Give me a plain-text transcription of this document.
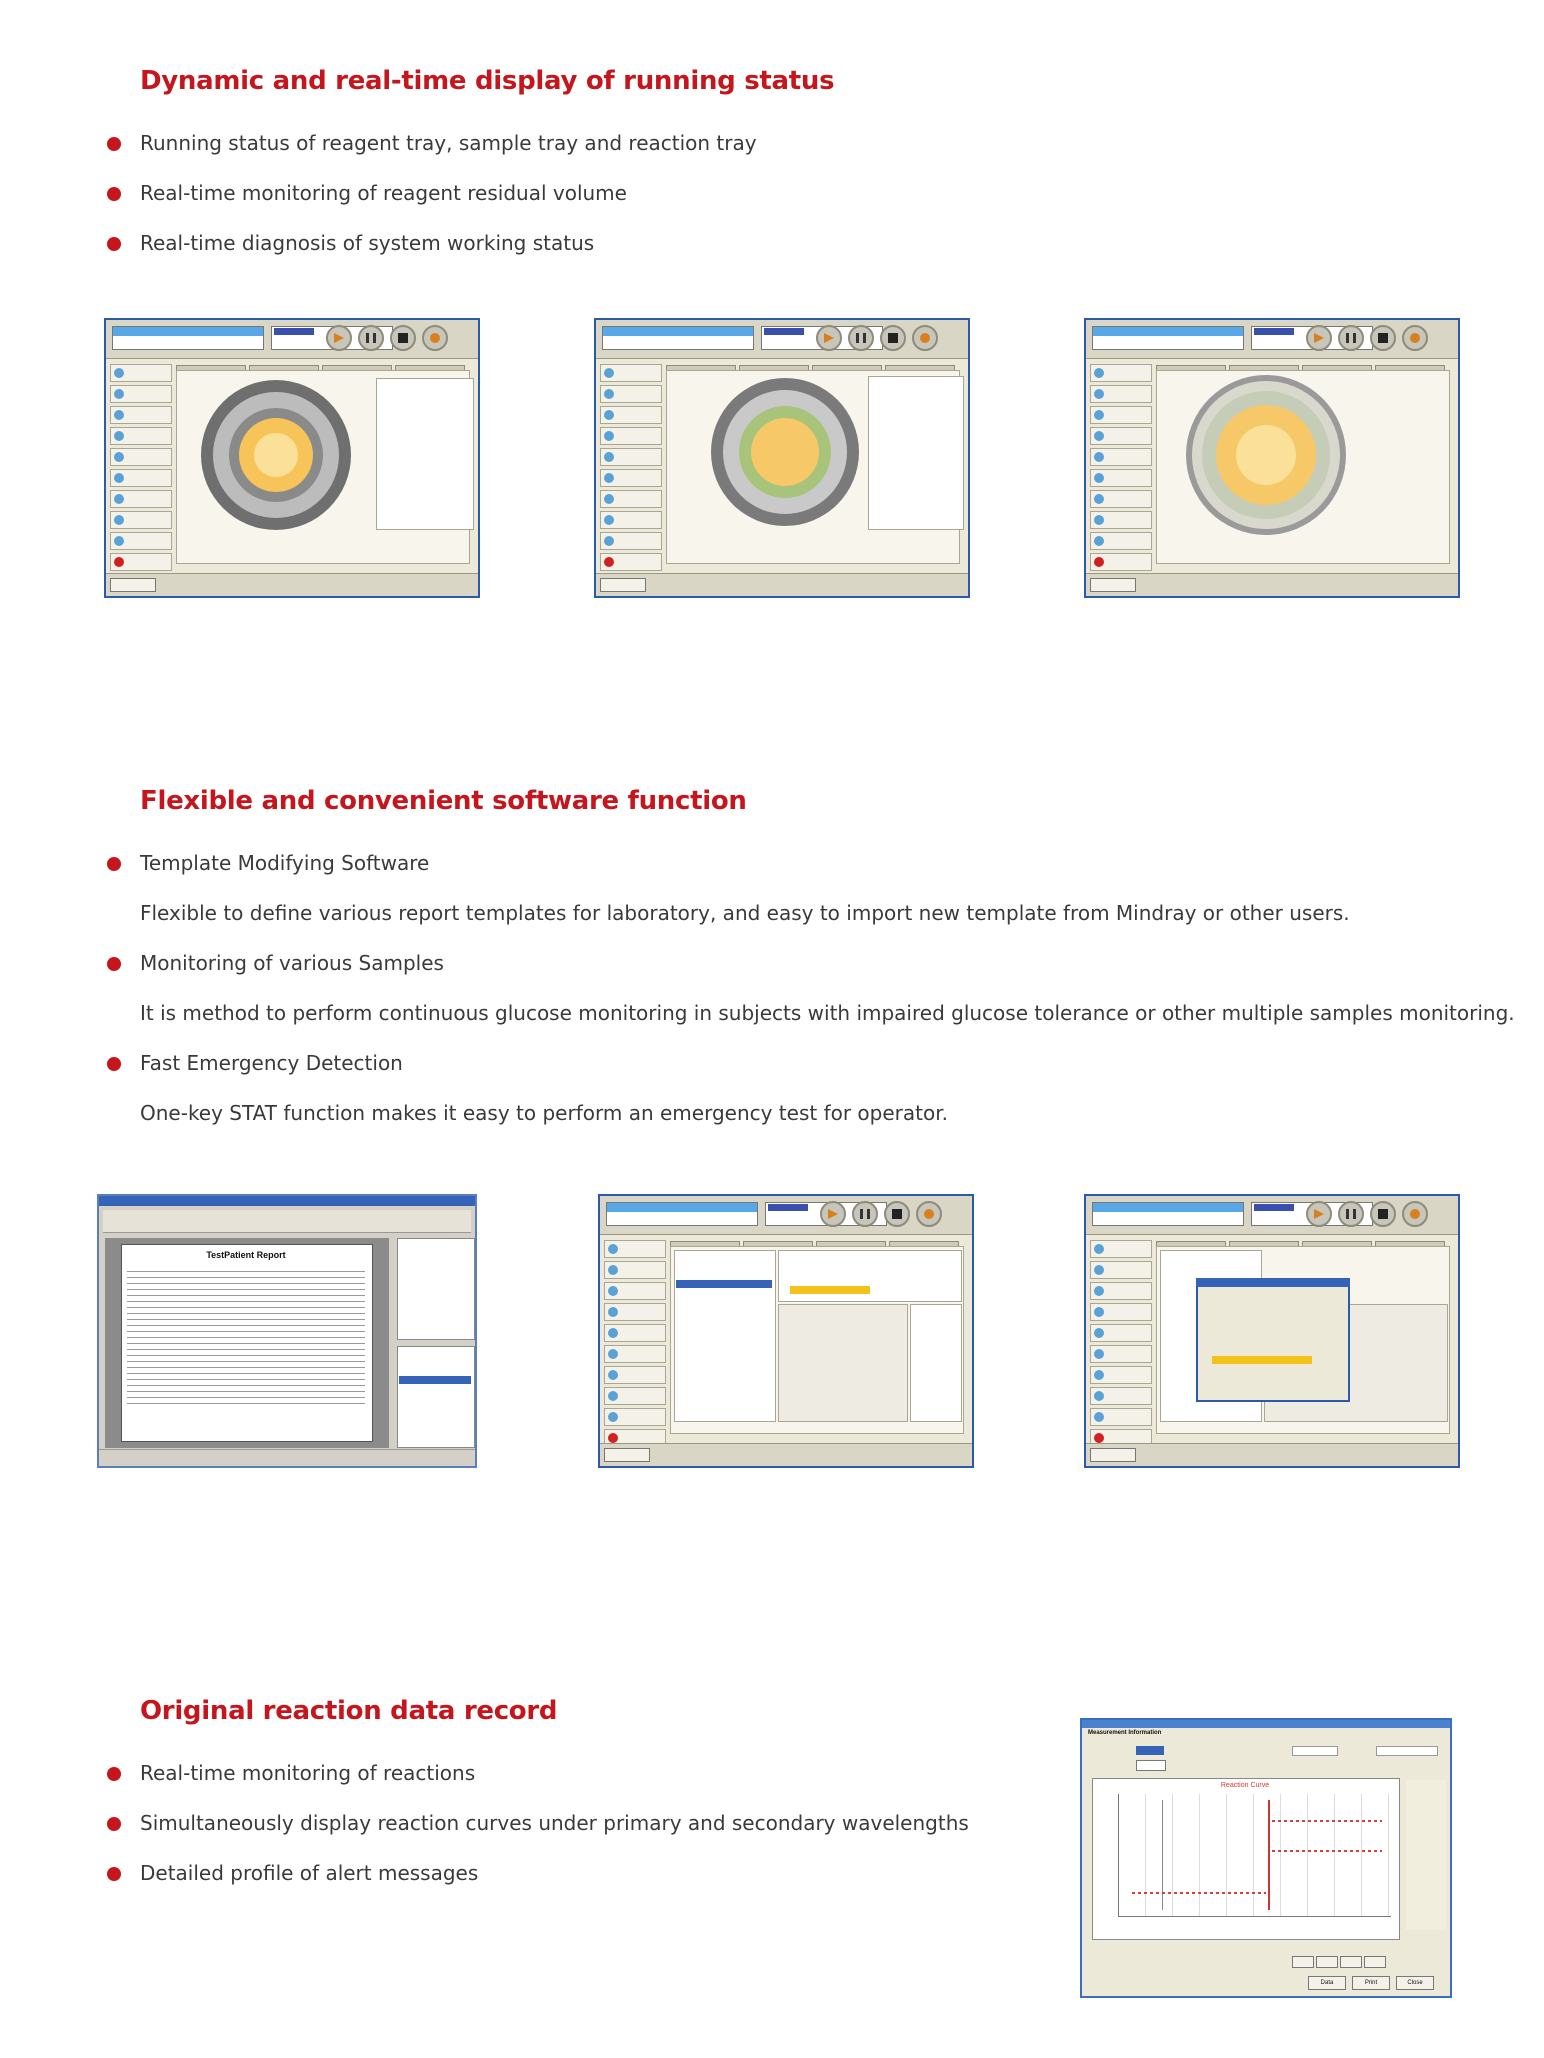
Dynamic and real-time display of running status
Running status of reagent tray, sample tray and reaction tray
Real-time monitoring of reagent residual volume
Real-time diagnosis of system working status
Flexible and convenient software function
Template Modifying Software
Flexible to define various report templates for laboratory, and easy to import new template from Mindray or other users.
Monitoring of various Samples
It is method to perform continuous glucose monitoring in subjects with impaired glucose tolerance or other multiple samples monitoring.
Fast Emergency Detection
One-key STAT function makes it easy to perform an emergency test for operator.
TestPatient Report
Original reaction data record
Real-time monitoring of reactions
Simultaneously display reaction curves under primary and secondary wavelengths
Detailed profile of alert messages
Measurement Information
Reaction Curve
Data	Print	Close
